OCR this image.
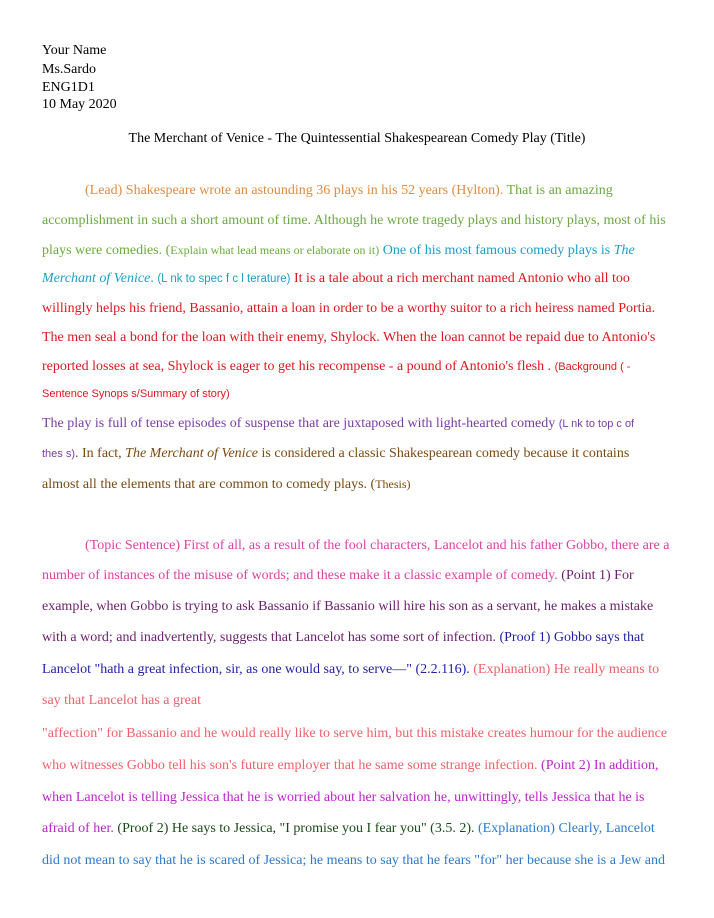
Your Name
Ms.Sardo
ENG1D1
10 May 2020
The Merchant of Venice - The Quintessential Shakespearean Comedy Play (Title)
(Lead) Shakespeare wrote an astounding 36 plays in his 52 years (Hylton). That is an amazing
accomplishment in such a short amount of time. Although he wrote tragedy plays and history plays, most of his
plays were comedies. (Explain what lead means or elaborate on it) One of his most famous comedy plays is The
Merchant of Venice. (L nk to spec f c l terature) It is a tale about a rich merchant named Antonio who all too
willingly helps his friend, Bassanio, attain a loan in order to be a worthy suitor to a rich heiress named Portia.
The men seal a bond for the loan with their enemy, Shylock. When the loan cannot be repaid due to Antonio's
reported losses at sea, Shylock is eager to get his recompense - a pound of Antonio's flesh . (Background ( -
Sentence Synops s/Summary of story)
The play is full of tense episodes of suspense that are juxtaposed with light-hearted comedy (L nk to top c of
thes s). In fact, The Merchant of Venice is considered a classic Shakespearean comedy because it contains
almost all the elements that are common to comedy plays. (Thesis)
(Topic Sentence) First of all, as a result of the fool characters, Lancelot and his father Gobbo, there are a
number of instances of the misuse of words; and these make it a classic example of comedy. (Point 1) For
example, when Gobbo is trying to ask Bassanio if Bassanio will hire his son as a servant, he makes a mistake
with a word; and inadvertently, suggests that Lancelot has some sort of infection. (Proof 1) Gobbo says that
Lancelot "hath a great infection, sir, as one would say, to serve—" (2.2.116). (Explanation) He really means to
say that Lancelot has a great
"affection" for Bassanio and he would really like to serve him, but this mistake creates humour for the audience
who witnesses Gobbo tell his son's future employer that he same some strange infection. (Point 2) In addition,
when Lancelot is telling Jessica that he is worried about her salvation he, unwittingly, tells Jessica that he is
afraid of her. (Proof 2) He says to Jessica, "I promise you I fear you" (3.5. 2). (Explanation) Clearly, Lancelot
did not mean to say that he is scared of Jessica; he means to say that he fears "for" her because she is a Jew and
